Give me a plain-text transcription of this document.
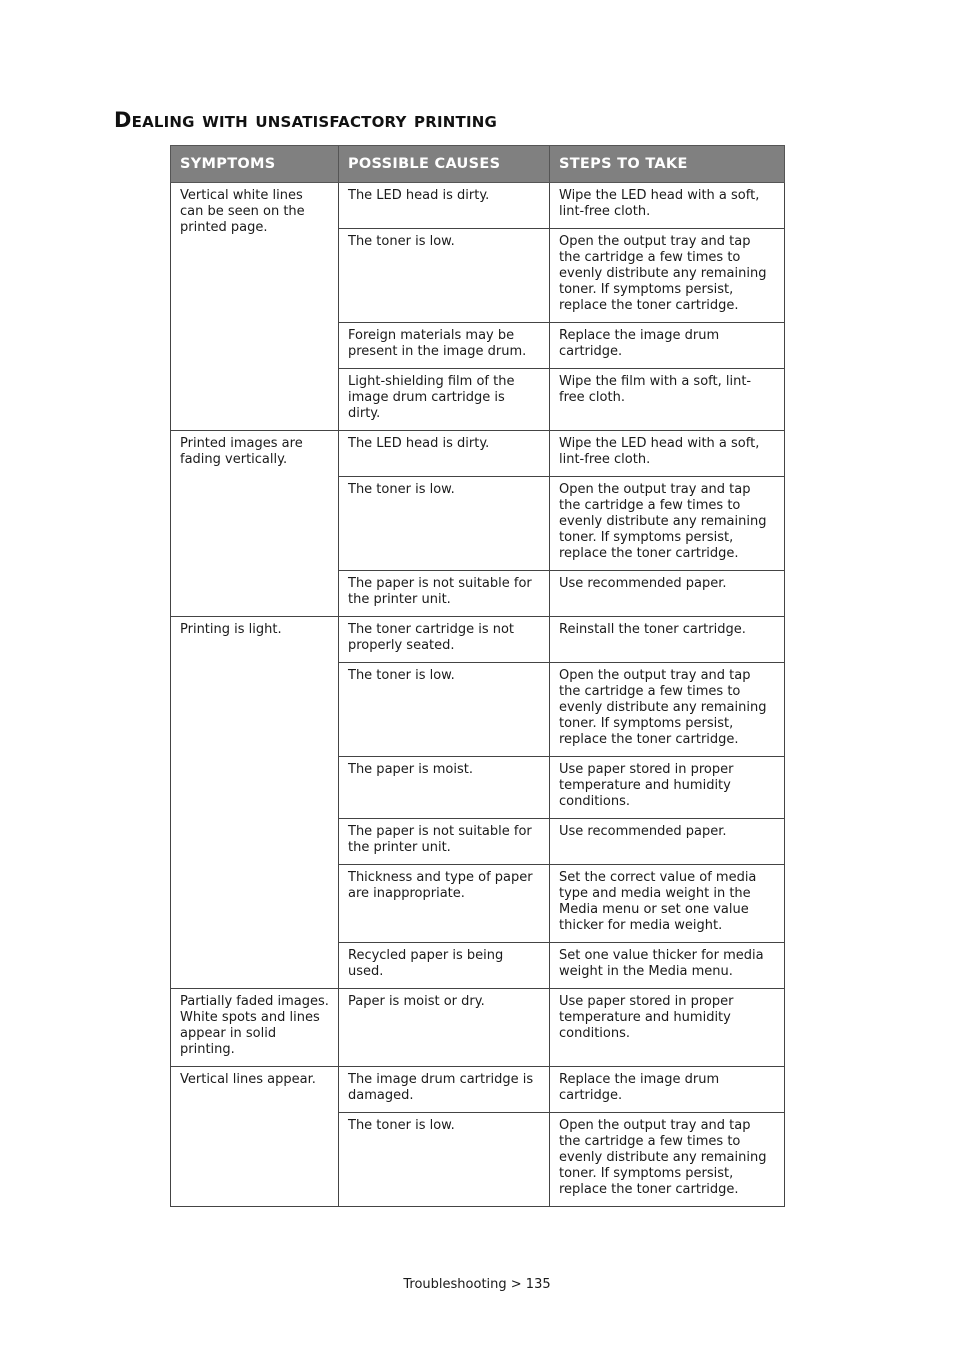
Dealing with unsatisfactory printing
SYMPTOMS	POSSIBLE CAUSES	STEPS TO TAKE
Vertical white lines can be seen on the printed page.	The LED head is dirty.	Wipe the LED head with a soft, lint-free cloth.
	The toner is low.	Open the output tray and tap the cartridge a few times to evenly distribute any remaining toner. If symptoms persist, replace the toner cartridge.
	Foreign materials may be present in the image drum.	Replace the image drum cartridge.
	Light-shielding film of the image drum cartridge is dirty.	Wipe the film with a soft, lint-free cloth.
Printed images are fading vertically.	The LED head is dirty.	Wipe the LED head with a soft, lint-free cloth.
	The toner is low.	Open the output tray and tap the cartridge a few times to evenly distribute any remaining toner. If symptoms persist, replace the toner cartridge.
	The paper is not suitable for the printer unit.	Use recommended paper.
Printing is light.	The toner cartridge is not properly seated.	Reinstall the toner cartridge.
	The toner is low.	Open the output tray and tap the cartridge a few times to evenly distribute any remaining toner. If symptoms persist, replace the toner cartridge.
	The paper is moist.	Use paper stored in proper temperature and humidity conditions.
	The paper is not suitable for the printer unit.	Use recommended paper.
	Thickness and type of paper are inappropriate.	Set the correct value of media type and media weight in the Media menu or set one value thicker for media weight.
	Recycled paper is being used.	Set one value thicker for media weight in the Media menu.
Partially faded images. White spots and lines appear in solid printing.	Paper is moist or dry.	Use paper stored in proper temperature and humidity conditions.
Vertical lines appear.	The image drum cartridge is damaged.	Replace the image drum cartridge.
	The toner is low.	Open the output tray and tap the cartridge a few times to evenly distribute any remaining toner. If symptoms persist, replace the toner cartridge.
Troubleshooting > 135
